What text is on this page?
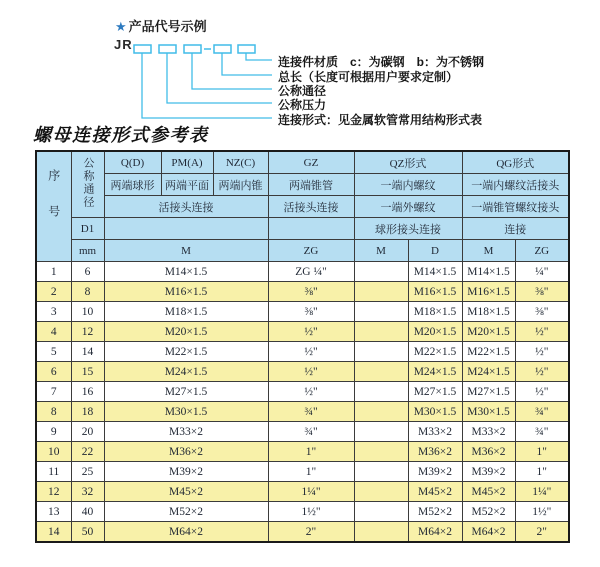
★ 产品代号示例
JR
连接件材质　c：为碳钢　b：为不锈钢
总长（长度可根据用户要求定制）
公称通径
公称压力
连接形式：见金属软管常用结构形式表
螺母连接形式参考表
序号	公称通径	Q(D)	PM(A)	NZ(C)	GZ	QZ形式		QG形式	
		两端球形	两端平面	两端内锥	两端锥管	一端内螺纹		一端内螺纹活接头	
		活接头连接			活接头连接	一端外螺纹		一端锥管螺纹接头	
	D1					球形接头连接		连接	
	mm	M			ZG	M	D	M	ZG
1	6	M14×1.5			ZG ¼"		M14×1.5	M14×1.5	¼"
2	8	M16×1.5			⅜"		M16×1.5	M16×1.5	⅜"
3	10	M18×1.5			⅜"		M18×1.5	M18×1.5	⅜"
4	12	M20×1.5			½"		M20×1.5	M20×1.5	½"
5	14	M22×1.5			½"		M22×1.5	M22×1.5	½"
6	15	M24×1.5			½"		M24×1.5	M24×1.5	½"
7	16	M27×1.5			½"		M27×1.5	M27×1.5	½"
8	18	M30×1.5			¾"		M30×1.5	M30×1.5	¾"
9	20	M33×2			¾"		M33×2	M33×2	¾"
10	22	M36×2			1"		M36×2	M36×2	1"
11	25	M39×2			1"		M39×2	M39×2	1"
12	32	M45×2			1¼"		M45×2	M45×2	1¼"
13	40	M52×2			1½"		M52×2	M52×2	1½"
14	50	M64×2			2"		M64×2	M64×2	2"
